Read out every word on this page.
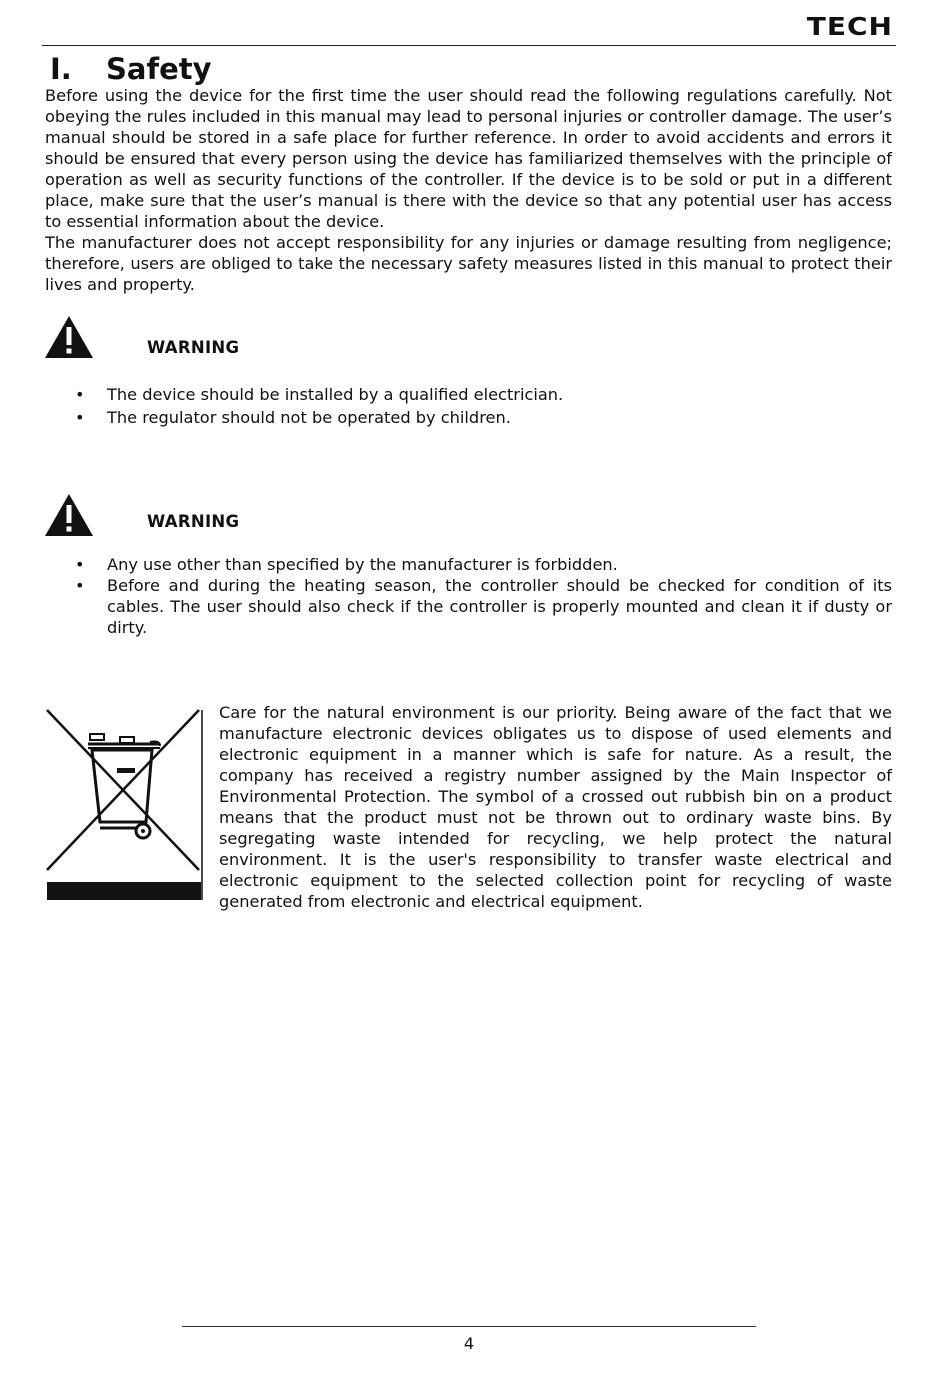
TECH
I. Safety

Before using the device for the first time the user should read the following regulations carefully. Not obeying the rules included in this manual may lead to personal injuries or controller damage. The user’s manual should be stored in a safe place for further reference. In order to avoid accidents and errors it should be ensured that every person using the device has familiarized themselves with the principle of operation as well as security functions of the controller. If the device is to be sold or put in a different place, make sure that the user’s manual is there with the device so that any potential user has access to essential information about the device.

The manufacturer does not accept responsibility for any injuries or damage resulting from negligence; therefore, users are obliged to take the necessary safety measures listed in this manual to protect their lives and property.

WARNING

• The device should be installed by a qualified electrician.
• The regulator should not be operated by children.

WARNING

• Any use other than specified by the manufacturer is forbidden.
• Before and during the heating season, the controller should be checked for condition of its cables. The user should also check if the controller is properly mounted and clean it if dusty or dirty.

Care for the natural environment is our priority. Being aware of the fact that we manufacture electronic devices obligates us to dispose of used elements and electronic equipment in a manner which is safe for nature. As a result, the company has received a registry number assigned by the Main Inspector of Environmental Protection. The symbol of a crossed out rubbish bin on a product means that the product must not be thrown out to ordinary waste bins. By segregating waste intended for recycling, we help protect the natural environment. It is the user's responsibility to transfer waste electrical and electronic equipment to the selected collection point for recycling of waste generated from electronic and electrical equipment.

4
